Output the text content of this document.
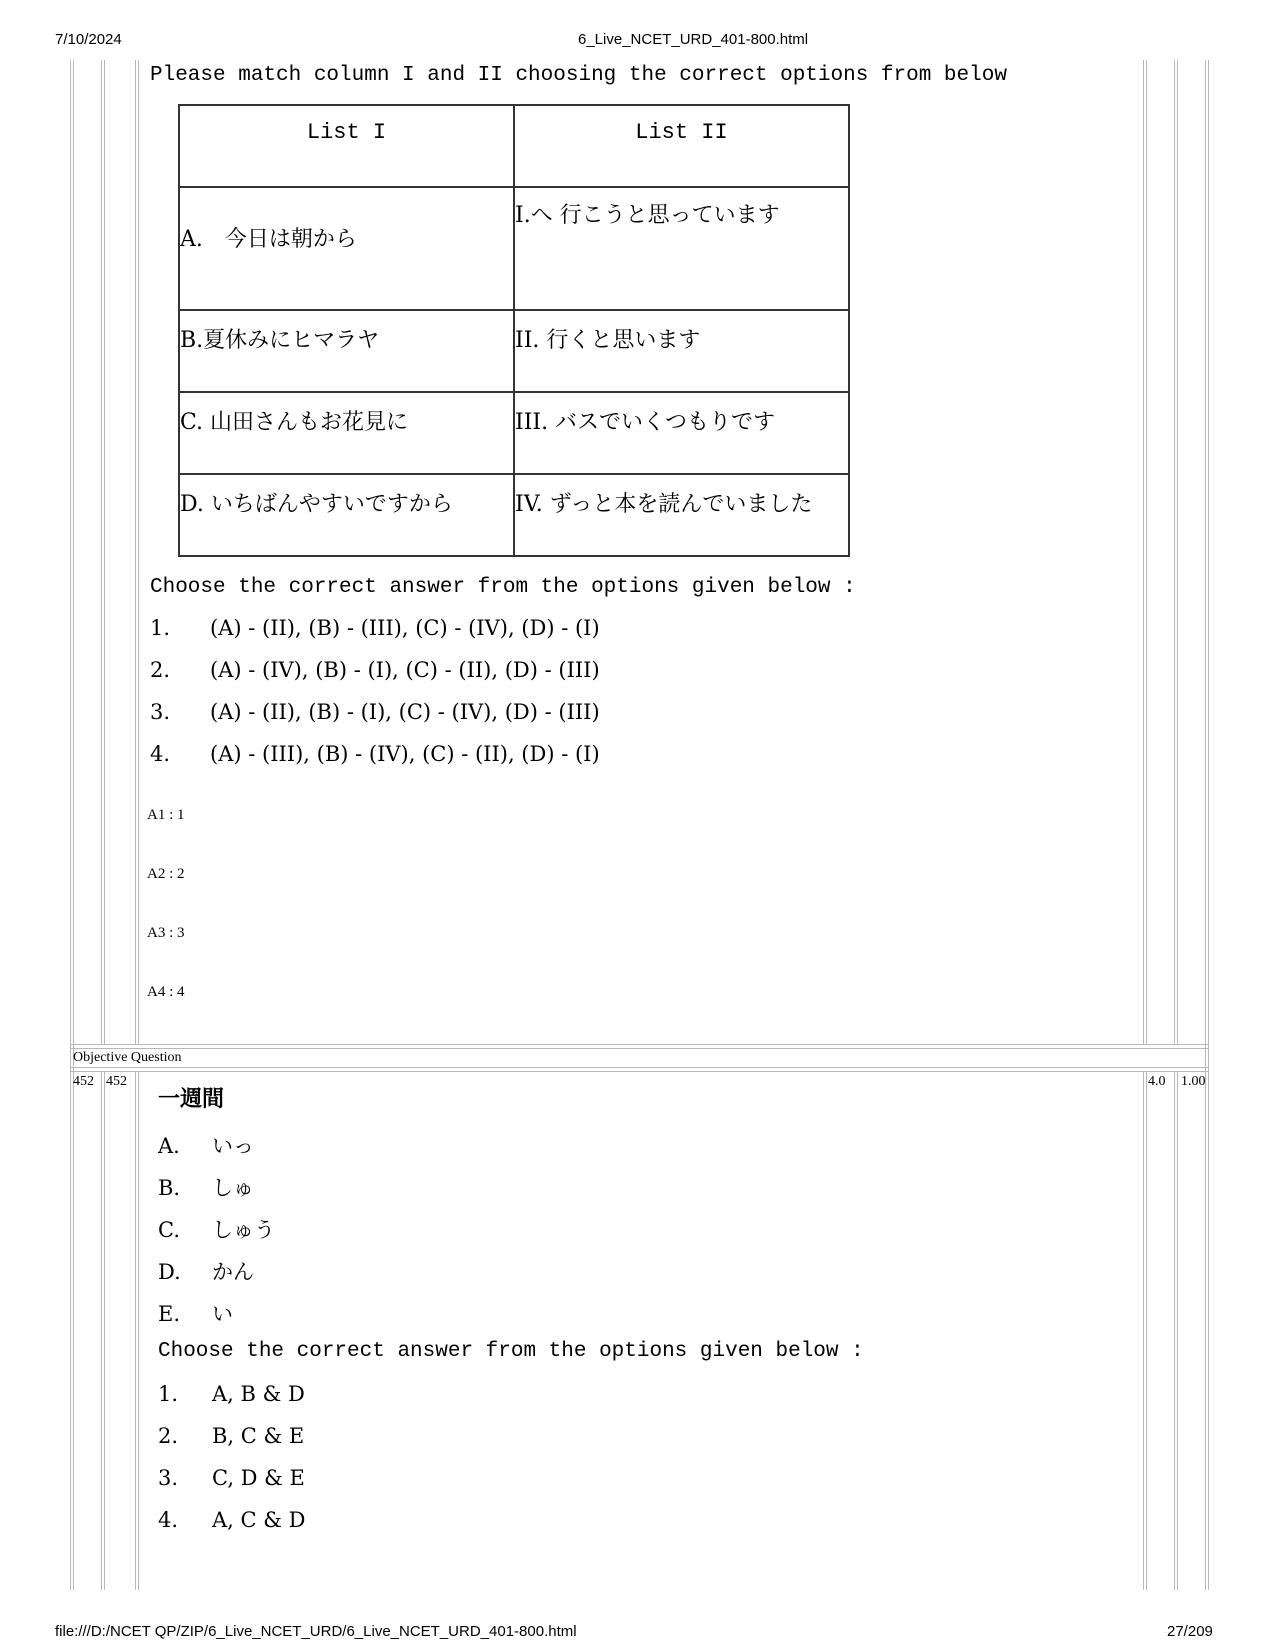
7/10/2024	6_Live_NCET_URD_401-800.html
file:///D:/NCET QP/ZIP/6_Live_NCET_URD/6_Live_NCET_URD_401-800.html	27/209
Please match column I and II choosing the correct options from below
List I	List II

A.　今日は朝から	I.へ 行こうと思っています

B.夏休みにヒマラヤ	II. 行くと思います

C. 山田さんもお花見に	III. バスでいくつもりです

D. いちばんやすいですから	IV. ずっと本を読んでいました
Choose the correct answer from the options given below :
1. (A) - (II), (B) - (III), (C) - (IV), (D) - (I)
2. (A) - (IV), (B) - (I), (C) - (II), (D) - (III)
3. (A) - (II), (B) - (I), (C) - (IV), (D) - (III)
4. (A) - (III), (B) - (IV), (C) - (II), (D) - (I)
A1 : 1
A2 : 2
A3 : 3
A4 : 4
Objective Question
452 452	4.0 1.00
一週間
A. いっ
B. しゅ
C. しゅう
D. かん
E. い
Choose the correct answer from the options given below :
1. A, B & D
2. B, C & E
3. C, D & E
4. A, C & D
